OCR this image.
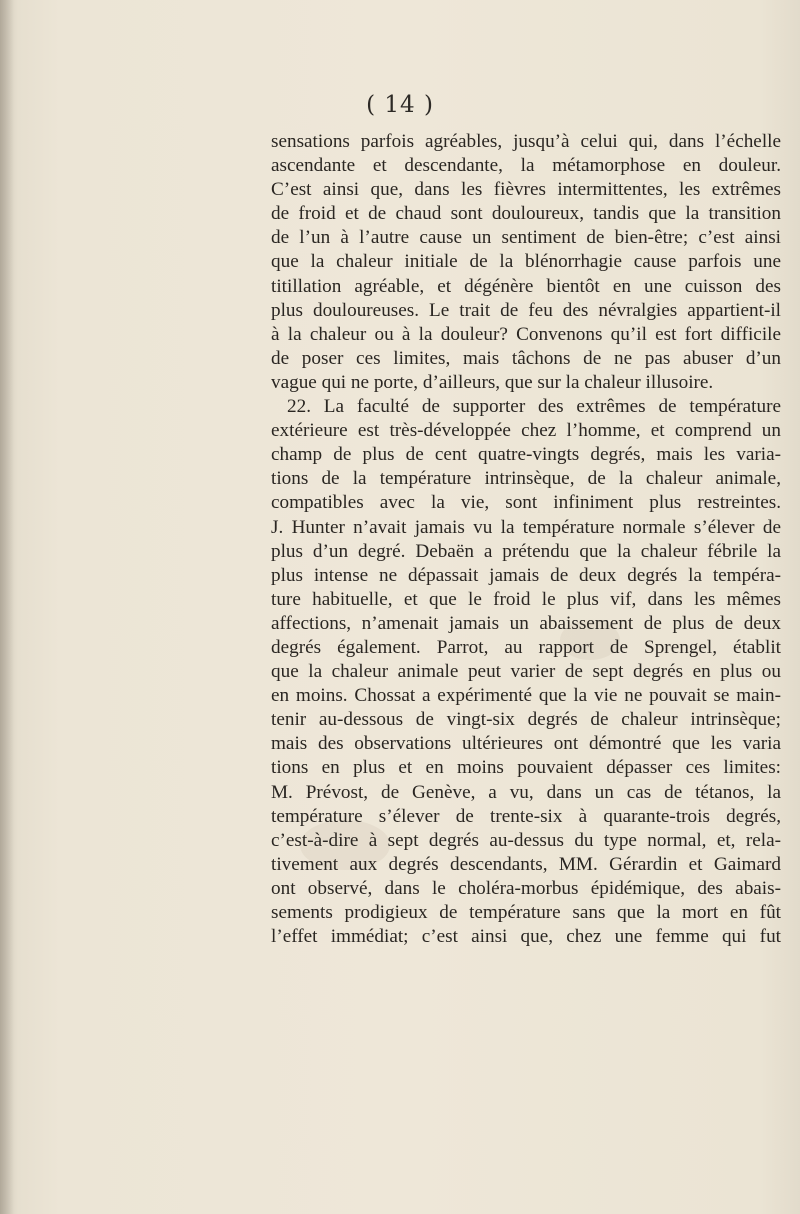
( 14 )
sensations parfois agréables, jusqu’à celui qui, dans l’échelle
ascendante et descendante, la métamorphose en douleur.
C’est ainsi que, dans les fièvres intermittentes, les extrêmes
de froid et de chaud sont douloureux, tandis que la transition
de l’un à l’autre cause un sentiment de bien-être; c’est ainsi
que la chaleur initiale de la blénorrhagie cause parfois une
titillation agréable, et dégénère bientôt en une cuisson des
plus douloureuses. Le trait de feu des névralgies appartient-il
à la chaleur ou à la douleur? Convenons qu’il est fort difficile
de poser ces limites, mais tâchons de ne pas abuser d’un
vague qui ne porte, d’ailleurs, que sur la chaleur illusoire.
22. La faculté de supporter des extrêmes de température
extérieure est très-développée chez l’homme, et comprend un
champ de plus de cent quatre-vingts degrés, mais les varia-
tions de la température intrinsèque, de la chaleur animale,
compatibles avec la vie, sont infiniment plus restreintes.
J. Hunter n’avait jamais vu la température normale s’élever de
plus d’un degré. Debaën a prétendu que la chaleur fébrile la
plus intense ne dépassait jamais de deux degrés la tempéra-
ture habituelle, et que le froid le plus vif, dans les mêmes
affections, n’amenait jamais un abaissement de plus de deux
degrés également. Parrot, au rapport de Sprengel, établit
que la chaleur animale peut varier de sept degrés en plus ou
en moins. Chossat a expérimenté que la vie ne pouvait se main-
tenir au-dessous de vingt-six degrés de chaleur intrinsèque;
mais des observations ultérieures ont démontré que les varia
tions en plus et en moins pouvaient dépasser ces limites:
M. Prévost, de Genève, a vu, dans un cas de tétanos, la
température s’élever de trente-six à quarante-trois degrés,
c’est-à-dire à sept degrés au-dessus du type normal, et, rela-
tivement aux degrés descendants, MM. Gérardin et Gaimard
ont observé, dans le choléra-morbus épidémique, des abais-
sements prodigieux de température sans que la mort en fût
l’effet immédiat; c’est ainsi que, chez une femme qui fut
